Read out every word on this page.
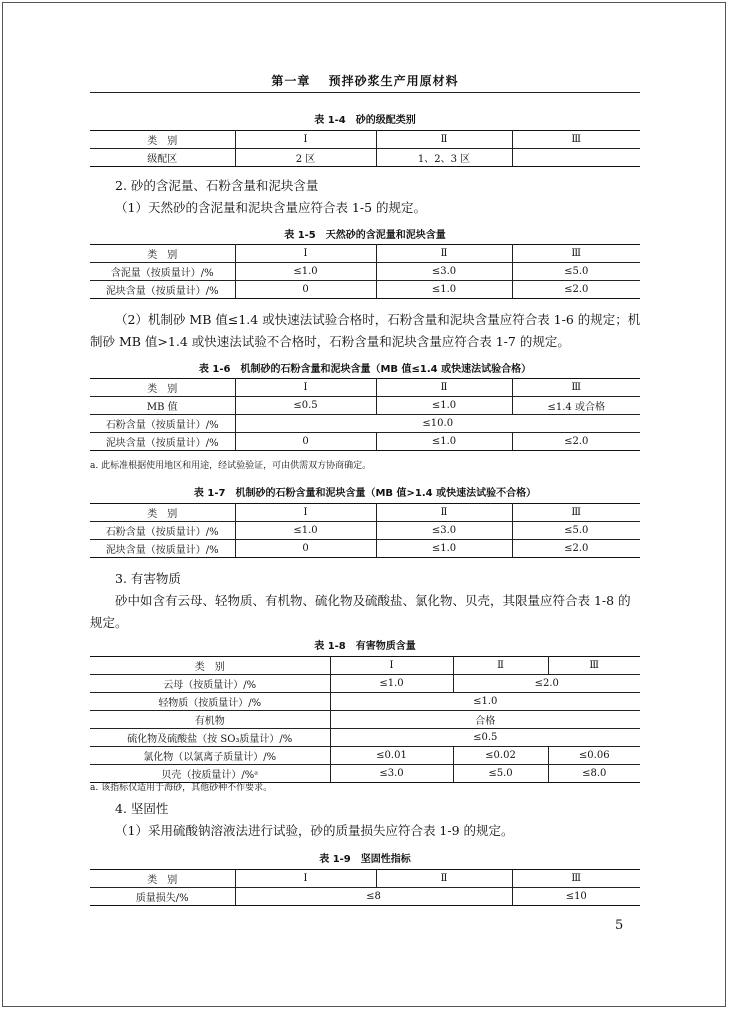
第一章　 预拌砂浆生产用原材料
表 1-4　砂的级配类别
类　别	Ⅰ	Ⅱ	Ⅲ
级配区	2 区	1、2、3 区	
2. 砂的含泥量、石粉含量和泥块含量
（1）天然砂的含泥量和泥块含量应符合表 1-5 的规定。
表 1-5　天然砂的含泥量和泥块含量
类　别	Ⅰ	Ⅱ	Ⅲ
含泥量（按质量计）/%	≤1.0	≤3.0	≤5.0
泥块含量（按质量计）/%	0	≤1.0	≤2.0
（2）机制砂 MB 值≤1.4 或快速法试验合格时，石粉含量和泥块含量应符合表 1-6 的规定；机制砂 MB 值>1.4 或快速法试验不合格时，石粉含量和泥块含量应符合表 1-7 的规定。
表 1-6　机制砂的石粉含量和泥块含量（MB 值≤1.4 或快速法试验合格）
类　别	Ⅰ	Ⅱ	Ⅲ
MB 值	≤0.5	≤1.0	≤1.4 或合格
石粉含量（按质量计）/%	≤10.0		
泥块含量（按质量计）/%	0	≤1.0	≤2.0
a. 此标准根据使用地区和用途，经试验验证，可由供需双方协商确定。
表 1-7　机制砂的石粉含量和泥块含量（MB 值>1.4 或快速法试验不合格）
类　别	Ⅰ	Ⅱ	Ⅲ
石粉含量（按质量计）/%	≤1.0	≤3.0	≤5.0
泥块含量（按质量计）/%	0	≤1.0	≤2.0
3. 有害物质
砂中如含有云母、轻物质、有机物、硫化物及硫酸盐、氯化物、贝壳，其限量应符合表 1-8 的规定。
表 1-8　有害物质含量
类　别	Ⅰ	Ⅱ	Ⅲ
云母（按质量计）/%	≤1.0	≤2.0	
轻物质（按质量计）/%	≤1.0		
有机物	合格		
硫化物及硫酸盐（按 SO₃质量计）/%	≤0.5		
氯化物（以氯离子质量计）/%	≤0.01	≤0.02	≤0.06
贝壳（按质量计）/%ᵃ	≤3.0	≤5.0	≤8.0
a. 该指标仅适用于海砂，其他砂种不作要求。
4. 坚固性
（1）采用硫酸钠溶液法进行试验，砂的质量损失应符合表 1-9 的规定。
表 1-9　坚固性指标
类　别	Ⅰ	Ⅱ	Ⅲ
质量损失/%	≤8		≤10
5
